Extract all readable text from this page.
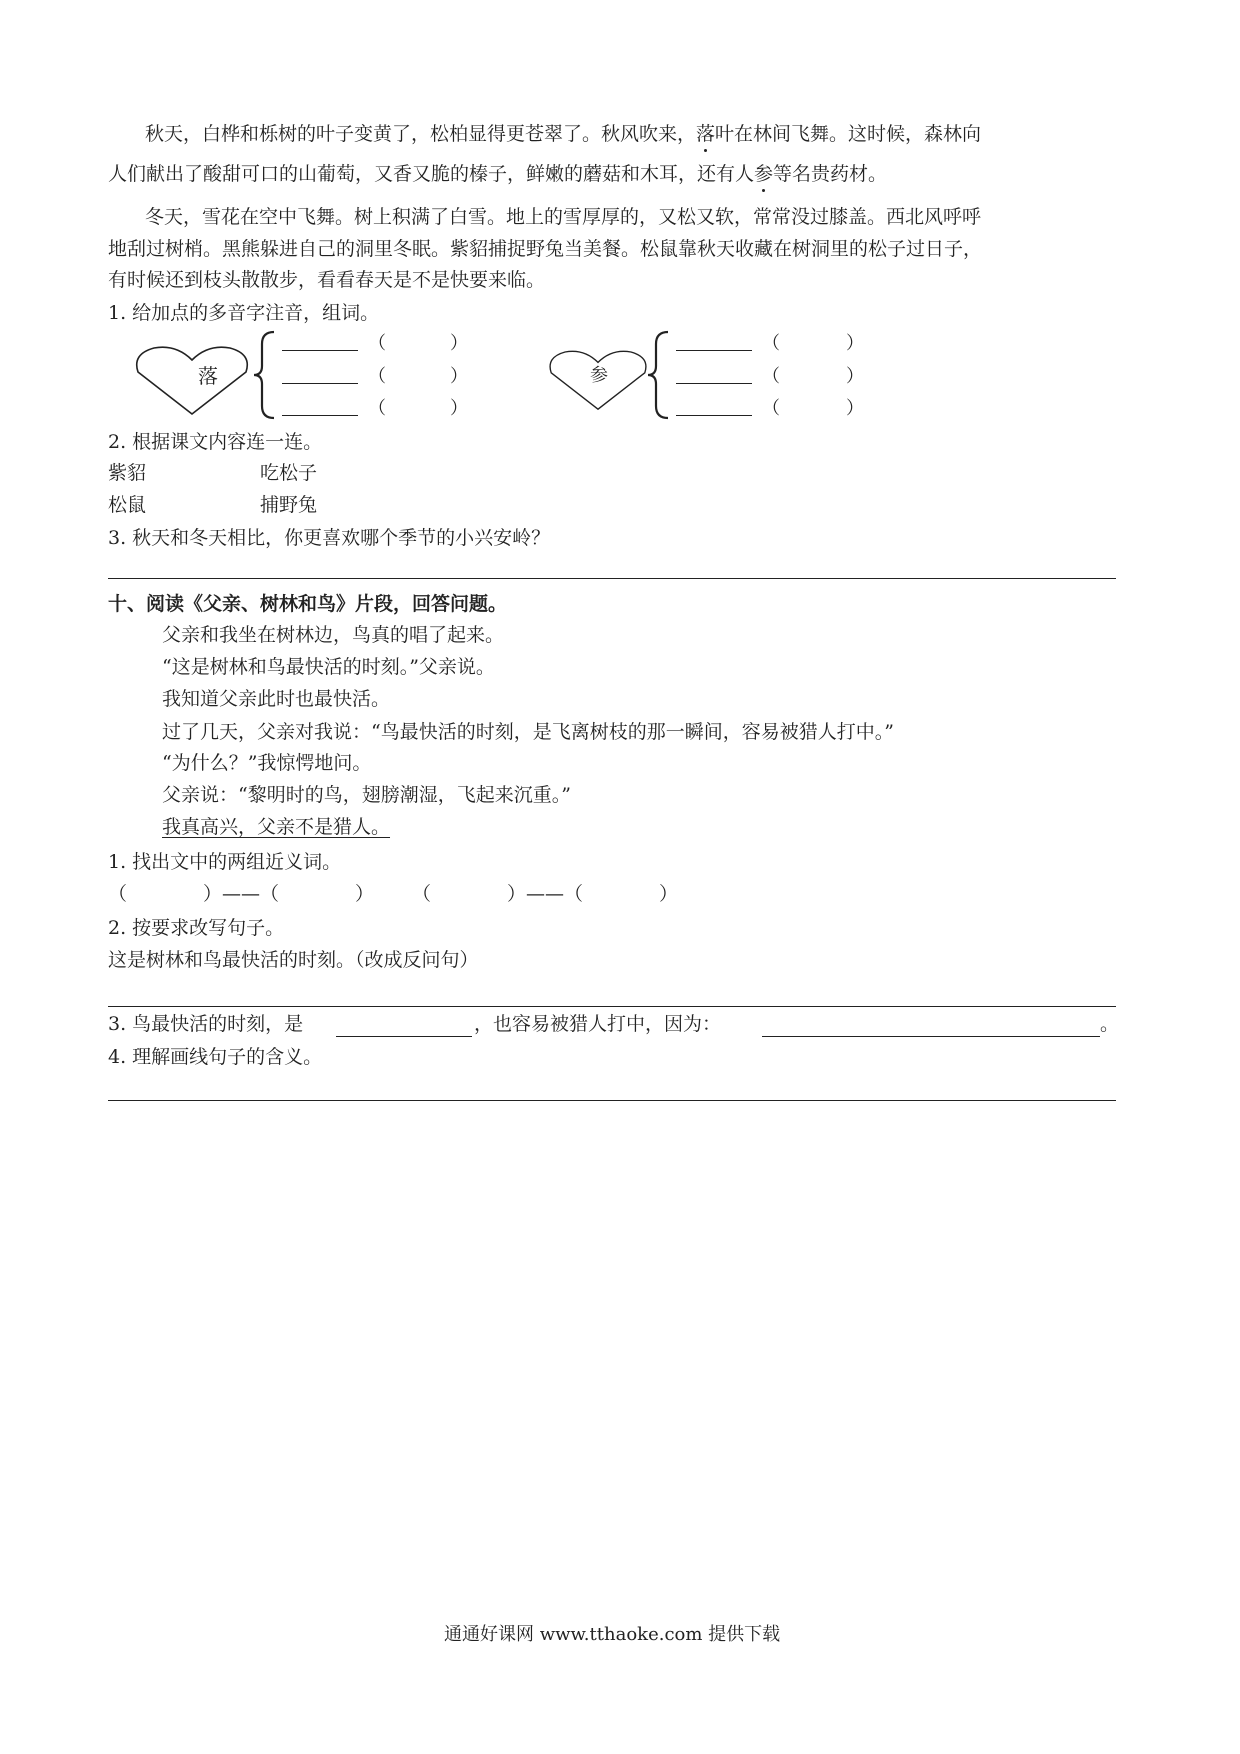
秋天，白桦和栎树的叶子变黄了，松柏显得更苍翠了。秋风吹来，落叶在林间飞舞。这时候，森林向
人们献出了酸甜可口的山葡萄，又香又脆的榛子，鲜嫩的蘑菇和木耳，还有人参等名贵药材。
冬天，雪花在空中飞舞。树上积满了白雪。地上的雪厚厚的，又松又软，常常没过膝盖。西北风呼呼
地刮过树梢。黑熊躲进自己的洞里冬眠。紫貂捕捉野兔当美餐。松鼠靠秋天收藏在树洞里的松子过日子，
有时候还到枝头散散步，看看春天是不是快要来临。
1. 给加点的多音字注音，组词。
落
（	）
（	）
（	）
参
（	）
（	）
（	）
2. 根据课文内容连一连。
紫貂	吃松子
松鼠	捕野兔
3. 秋天和冬天相比，你更喜欢哪个季节的小兴安岭？
十、阅读《父亲、树林和鸟》片段，回答问题。
父亲和我坐在树林边，鸟真的唱了起来。
“这是树林和鸟最快活的时刻。”父亲说。
我知道父亲此时也最快活。
过了几天，父亲对我说：“鸟最快活的时刻，是飞离树枝的那一瞬间，容易被猎人打中。”
“为什么？”我惊愕地问。
父亲说：“黎明时的鸟，翅膀潮湿，飞起来沉重。”
我真高兴，父亲不是猎人。
1. 找出文中的两组近义词。
（　　　　）——（　　　　）　　　（　　　　）——（　　　　）
2. 按要求改写句子。
这是树林和鸟最快活的时刻。（改成反问句）
3. 鸟最快活的时刻，是	，也容易被猎人打中，因为：	。
4. 理解画线句子的含义。
通通好课网 www.tthaoke.com 提供下载
